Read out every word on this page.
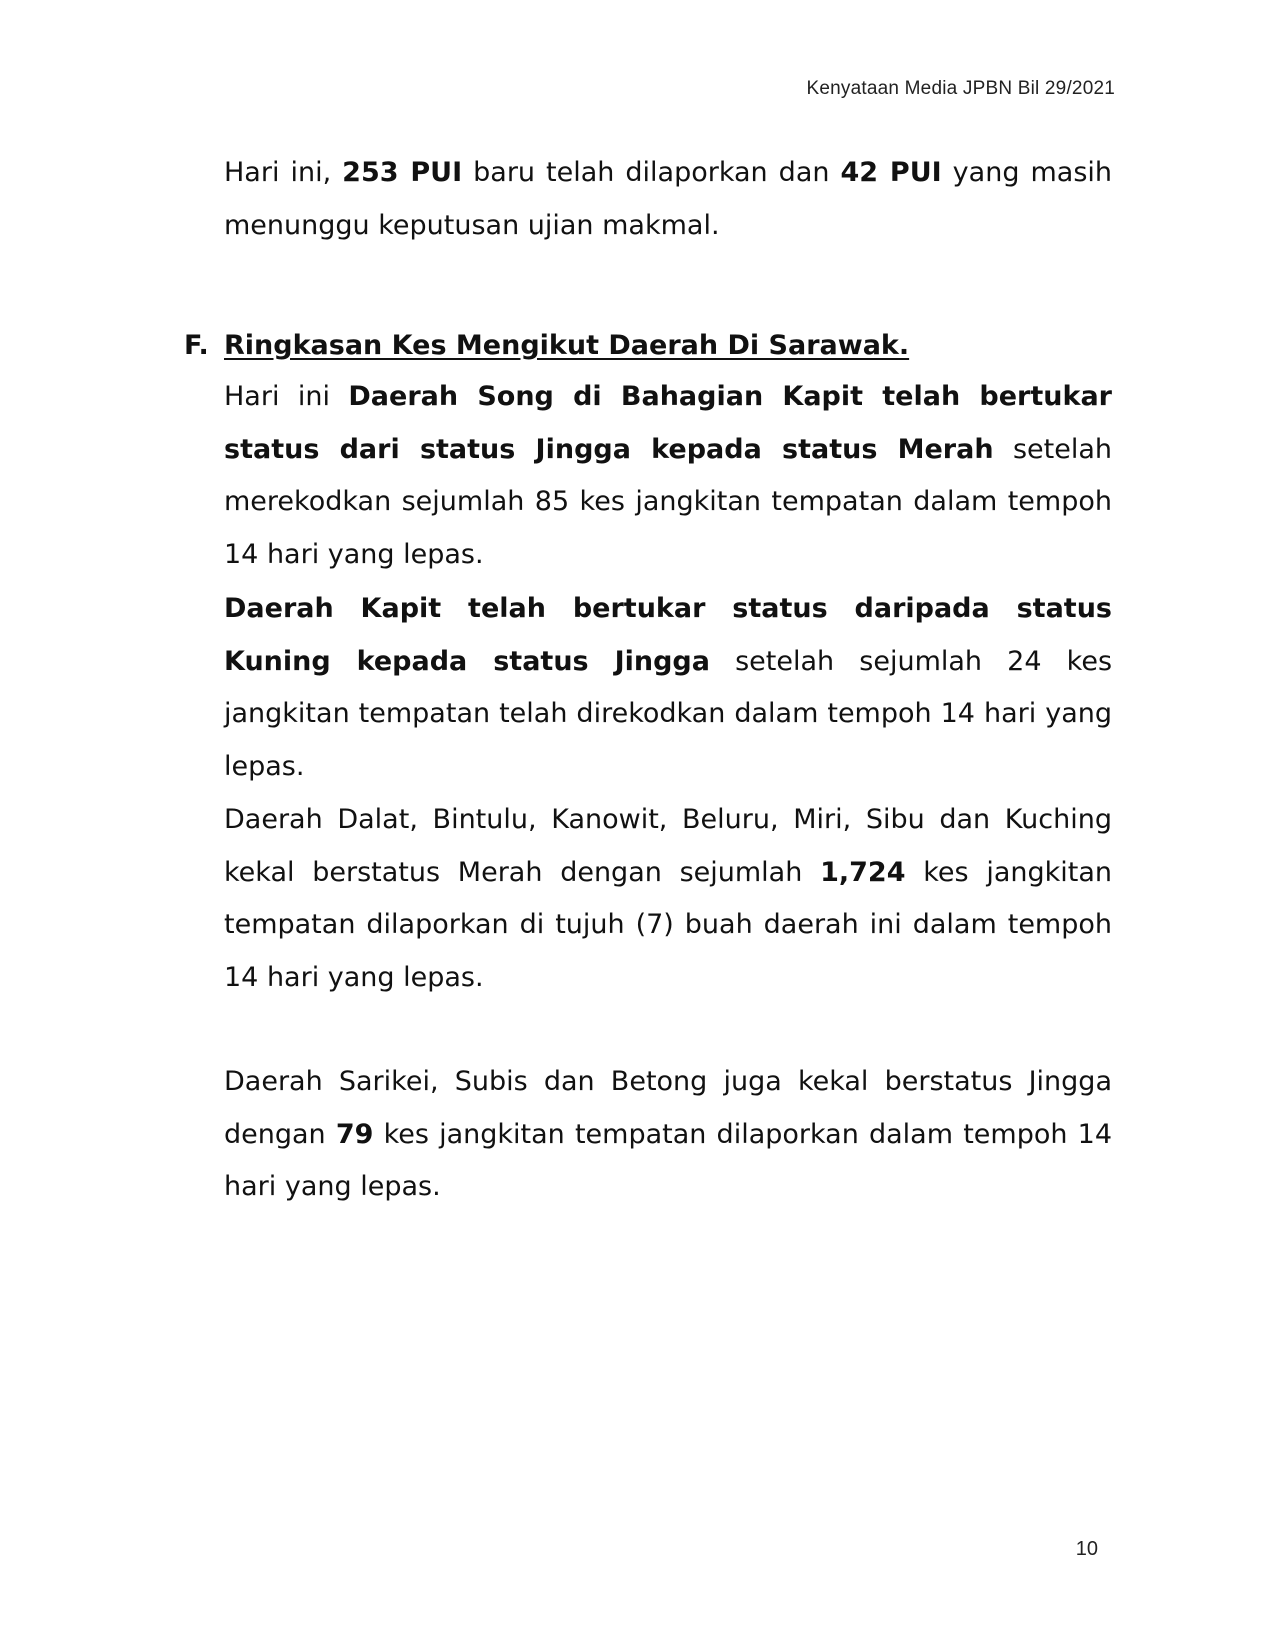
Kenyataan Media JPBN Bil 29/2021

Hari ini, 253 PUI baru telah dilaporkan dan 42 PUI yang masih menunggu keputusan ujian makmal.

F. Ringkasan Kes Mengikut Daerah Di Sarawak.

Hari ini Daerah Song di Bahagian Kapit telah bertukar status dari status Jingga kepada status Merah setelah merekodkan sejumlah 85 kes jangkitan tempatan dalam tempoh 14 hari yang lepas.

Daerah Kapit telah bertukar status daripada status Kuning kepada status Jingga setelah sejumlah 24 kes jangkitan tempatan telah direkodkan dalam tempoh 14 hari yang lepas.

Daerah Dalat, Bintulu, Kanowit, Beluru, Miri, Sibu dan Kuching kekal berstatus Merah dengan sejumlah 1,724 kes jangkitan tempatan dilaporkan di tujuh (7) buah daerah ini dalam tempoh 14 hari yang lepas.

Daerah Sarikei, Subis dan Betong juga kekal berstatus Jingga dengan 79 kes jangkitan tempatan dilaporkan dalam tempoh 14 hari yang lepas.

10
